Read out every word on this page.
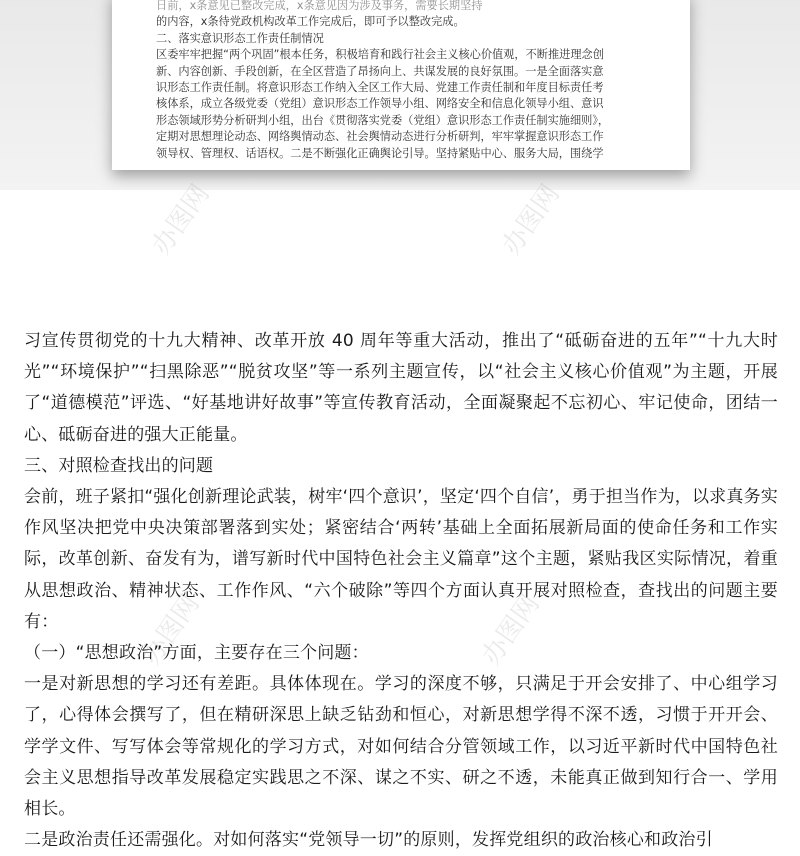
日前，x条意见已整改完成，x条意见因为涉及事务，需要长期坚持

的内容，x条待党政机构改革工作完成后，即可予以整改完成。

二、落实意识形态工作责任制情况

区委牢牢把握“两个巩固”根本任务，积极培育和践行社会主义核心价值观，不断推进理念创

新、内容创新、手段创新，在全区营造了昂扬向上、共谋发展的良好氛围。一是全面落实意

识形态工作责任制。将意识形态工作纳入全区工作大局、党建工作责任制和年度目标责任考

核体系，成立各级党委（党组）意识形态工作领导小组、网络安全和信息化领导小组、意识

形态领域形势分析研判小组，出台《贯彻落实党委（党组）意识形态工作责任制实施细则》，

定期对思想理论动态、网络舆情动态、社会舆情动态进行分析研判，牢牢掌握意识形态工作

领导权、管理权、话语权。二是不断强化正确舆论引导。坚持紧贴中心、服务大局，围绕学

办图网	办图网
办图网
办图网

习宣传贯彻党的十九大精神、改革开放 40 周年等重大活动，推出了“砥砺奋进的五年”“十九大时光”“环境保护”“扫黑除恶”“脱贫攻坚”等一系列主题宣传，以“社会主义核心价值观”为主题，开展了“道德模范”评选、“好基地讲好故事”等宣传教育活动，全面凝聚起不忘初心、牢记使命，团结一心、砥砺奋进的强大正能量。

三、对照检查找出的问题

会前，班子紧扣“强化创新理论武装，树牢‘四个意识’，坚定‘四个自信’，勇于担当作为，以求真务实作风坚决把党中央决策部署落到实处；紧密结合‘两转’基础上全面拓展新局面的使命任务和工作实际，改革创新、奋发有为，谱写新时代中国特色社会主义篇章”这个主题，紧贴我区实际情况，着重从思想政治、精神状态、工作作风、“六个破除”等四个方面认真开展对照检查，查找出的问题主要有：

（一）“思想政治”方面，主要存在三个问题：

一是对新思想的学习还有差距。具体体现在。学习的深度不够，只满足于开会安排了、中心组学习了，心得体会撰写了，但在精研深思上缺乏钻劲和恒心，对新思想学得不深不透，习惯于开开会、学学文件、写写体会等常规化的学习方式，对如何结合分管领域工作，以习近平新时代中国特色社会主义思想指导改革发展稳定实践思之不深、谋之不实、研之不透，未能真正做到知行合一、学用相长。

二是政治责任还需强化。对如何落实“党领导一切”的原则，发挥党组织的政治核心和政治引
